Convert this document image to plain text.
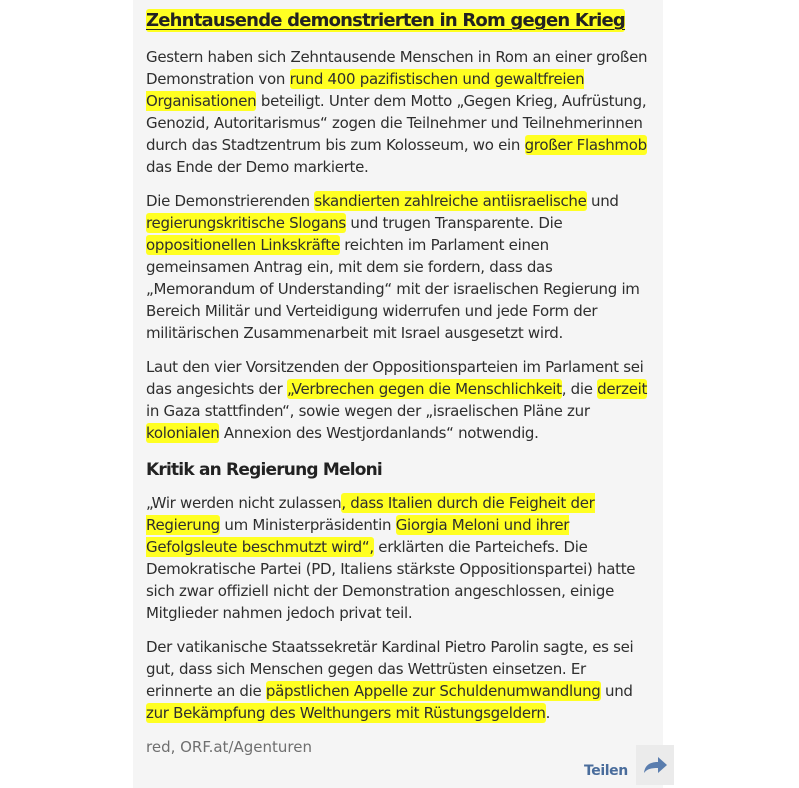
Zehntausende demonstrierten in Rom gegen Krieg

Gestern haben sich Zehntausende Menschen in Rom an einer großen Demonstration von rund 400 pazifistischen und gewaltfreien Organisationen beteiligt. Unter dem Motto „Gegen Krieg, Aufrüstung, Genozid, Autoritarismus“ zogen die Teilnehmer und Teilnehmerinnen durch das Stadtzentrum bis zum Kolosseum, wo ein großer Flashmob das Ende der Demo markierte.

Die Demonstrierenden skandierten zahlreiche antiisraelische und regierungskritische Slogans und trugen Transparente. Die oppositionellen Linkskräfte reichten im Parlament einen gemeinsamen Antrag ein, mit dem sie fordern, dass das „Memorandum of Understanding“ mit der israelischen Regierung im Bereich Militär und Verteidigung widerrufen und jede Form der militärischen Zusammenarbeit mit Israel ausgesetzt wird.

Laut den vier Vorsitzenden der Oppositionsparteien im Parlament sei das angesichts der „Verbrechen gegen die Menschlichkeit, die derzeit in Gaza stattfinden“, sowie wegen der „israelischen Pläne zur kolonialen Annexion des Westjordanlands“ notwendig.

Kritik an Regierung Meloni

„Wir werden nicht zulassen, dass Italien durch die Feigheit der Regierung um Ministerpräsidentin Giorgia Meloni und ihrer Gefolgsleute beschmutzt wird“, erklärten die Parteichefs. Die Demokratische Partei (PD, Italiens stärkste Oppositionspartei) hatte sich zwar offiziell nicht der Demonstration angeschlossen, einige Mitglieder nahmen jedoch privat teil.

Der vatikanische Staatssekretär Kardinal Pietro Parolin sagte, es sei gut, dass sich Menschen gegen das Wettrüsten einsetzen. Er erinnerte an die päpstlichen Appelle zur Schuldenumwandlung und zur Bekämpfung des Welthungers mit Rüstungsgeldern.

red, ORF.at/Agenturen
Teilen
